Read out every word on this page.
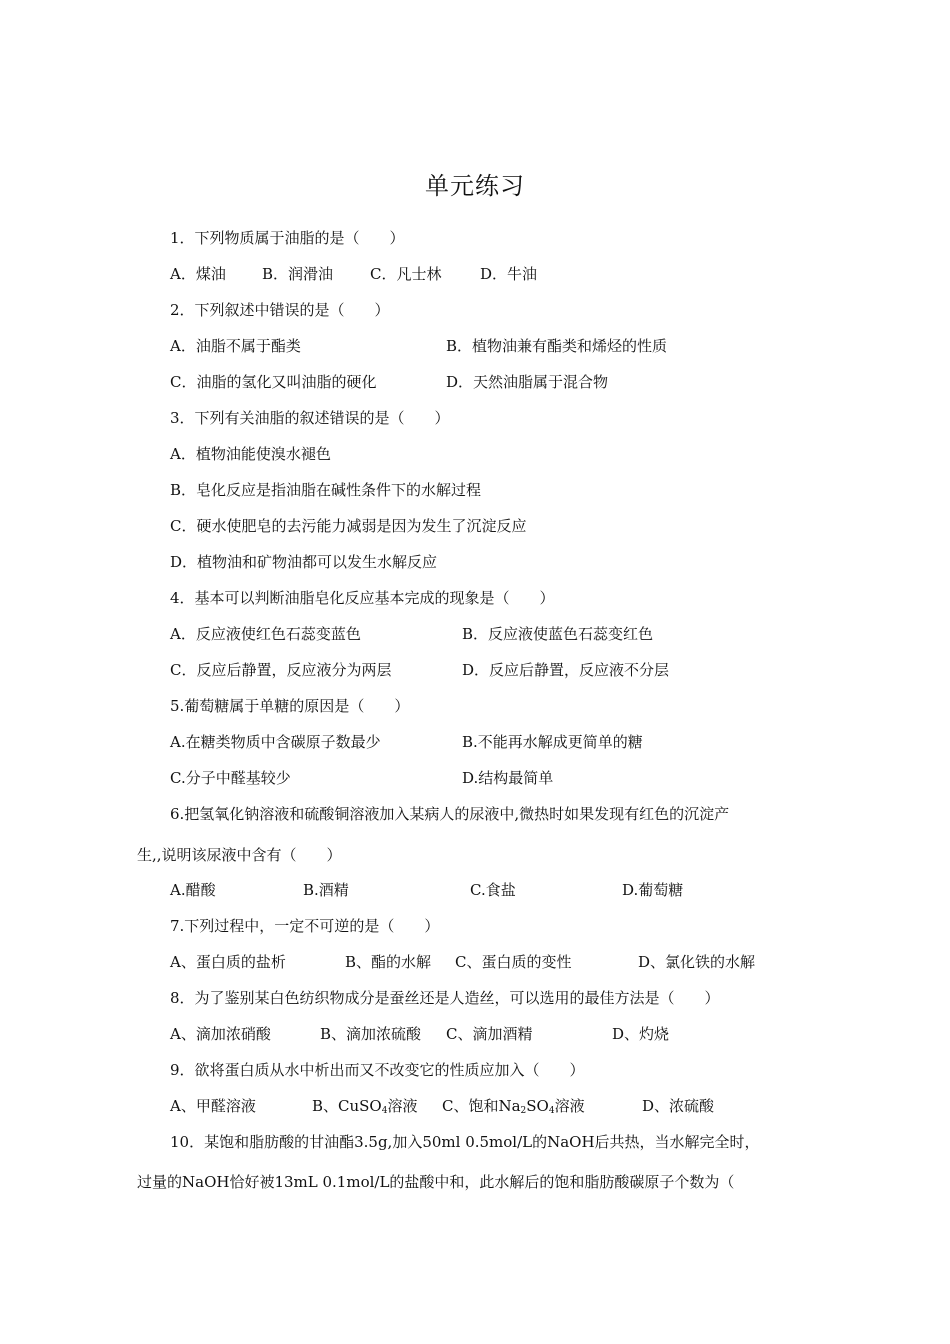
单元练习
1．下列物质属于油脂的是（　　）
A．煤油 B．润滑油 C．凡士林	D．牛油
2．下列叙述中错误的是（　　）
A．油脂不属于酯类	B．植物油兼有酯类和烯烃的性质
C．油脂的氢化又叫油脂的硬化	D．天然油脂属于混合物
3．下列有关油脂的叙述错误的是（　　）
A．植物油能使溴水褪色
B．皂化反应是指油脂在碱性条件下的水解过程
C．硬水使肥皂的去污能力减弱是因为发生了沉淀反应
D．植物油和矿物油都可以发生水解反应
4．基本可以判断油脂皂化反应基本完成的现象是（　　）
A．反应液使红色石蕊变蓝色	B．反应液使蓝色石蕊变红色
C．反应后静置，反应液分为两层	D．反应后静置，反应液不分层
5.葡萄糖属于单糖的原因是（　　）
A.在糖类物质中含碳原子数最少	B.不能再水解成更简单的糖
C.分子中醛基较少	D.结构最简单
6.把氢氧化钠溶液和硫酸铜溶液加入某病人的尿液中,微热时如果发现有红色的沉淀产
生,,说明该尿液中含有（　　）
A.醋酸	B.酒精	C.食盐	D.葡萄糖
7.下列过程中，一定不可逆的是（　　）
A、蛋白质的盐析	B、酯的水解 C、蛋白质的变性	D、氯化铁的水解
8．为了鉴别某白色纺织物成分是蚕丝还是人造丝，可以选用的最佳方法是（　　）
A、滴加浓硝酸	B、滴加浓硫酸 C、滴加酒精	D、灼烧
9．欲将蛋白质从水中析出而又不改变它的性质应加入（　　）
A、甲醛溶液	B、CuSO$_4$溶液 C、饱和$Na_2SO_4$溶液	D、浓硫酸
10．某饱和脂肪酸的甘油酯3.5g,加入50ml 0.5mol/L的NaOH后共热，当水解完全时，
过量的NaOH恰好被13mL 0.1mol/L的盐酸中和，此水解后的饱和脂肪酸碳原子个数为（
